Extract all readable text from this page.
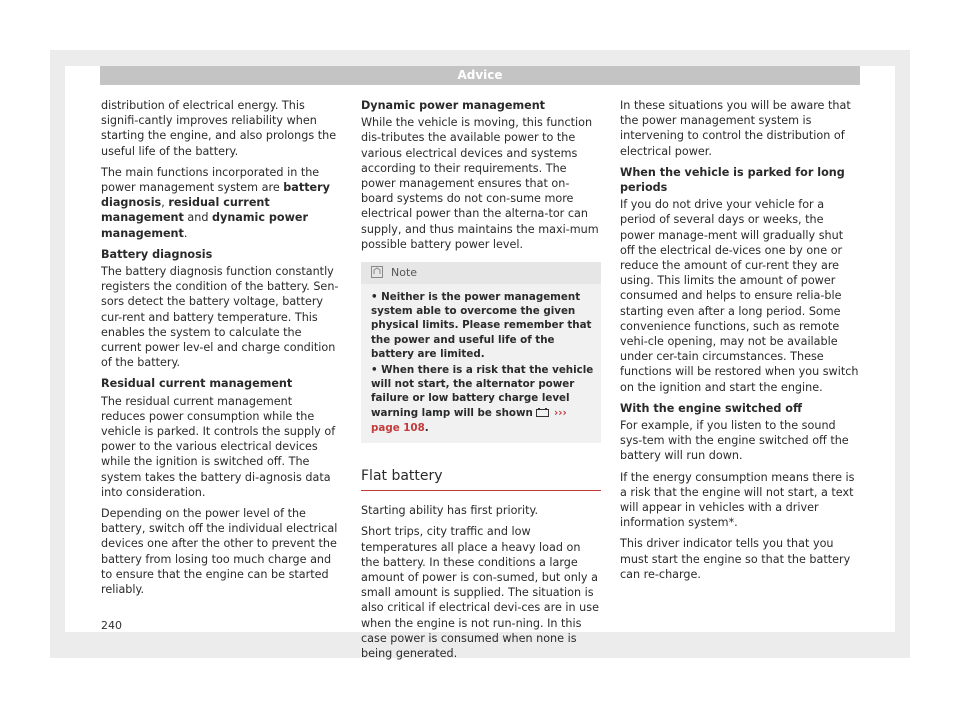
Advice

distribution of electrical energy. This signifi-cantly improves reliability when starting the engine, and also prolongs the useful life of the battery.

The main functions incorporated in the power management system are battery diagnosis, residual current management and dynamic power management.

Battery diagnosis

The battery diagnosis function constantly registers the condition of the battery. Sen-sors detect the battery voltage, battery cur-rent and battery temperature. This enables the system to calculate the current power lev-el and charge condition of the battery.

Residual current management

The residual current management reduces power consumption while the vehicle is parked. It controls the supply of power to the various electrical devices while the ignition is switched off. The system takes the battery di-agnosis data into consideration.

Depending on the power level of the battery, switch off the individual electrical devices one after the other to prevent the battery from losing too much charge and to ensure that the engine can be started reliably.

Dynamic power management

While the vehicle is moving, this function dis-tributes the available power to the various electrical devices and systems according to their requirements. The power management ensures that on-board systems do not con-sume more electrical power than the alterna-tor can supply, and thus maintains the maxi-mum possible battery power level.

Note
• Neither is the power management system able to overcome the given physical limits. Please remember that the power and useful life of the battery are limited.
• When there is a risk that the vehicle will not start, the alternator power failure or low battery charge level warning lamp will be shown  ››› page 108.
Flat battery

Starting ability has first priority.

Short trips, city traffic and low temperatures all place a heavy load on the battery. In these conditions a large amount of power is con-sumed, but only a small amount is supplied. The situation is also critical if electrical devi-ces are in use when the engine is not run-ning. In this case power is consumed when none is being generated.

In these situations you will be aware that the power management system is intervening to control the distribution of electrical power.

When the vehicle is parked for long periods

If you do not drive your vehicle for a period of several days or weeks, the power manage-ment will gradually shut off the electrical de-vices one by one or reduce the amount of cur-rent they are using. This limits the amount of power consumed and helps to ensure relia-ble starting even after a long period. Some convenience functions, such as remote vehi-cle opening, may not be available under cer-tain circumstances. These functions will be restored when you switch on the ignition and start the engine.

With the engine switched off

For example, if you listen to the sound sys-tem with the engine switched off the battery will run down.

If the energy consumption means there is a risk that the engine will not start, a text will appear in vehicles with a driver information system*.

This driver indicator tells you that you must start the engine so that the battery can re-charge.

240
